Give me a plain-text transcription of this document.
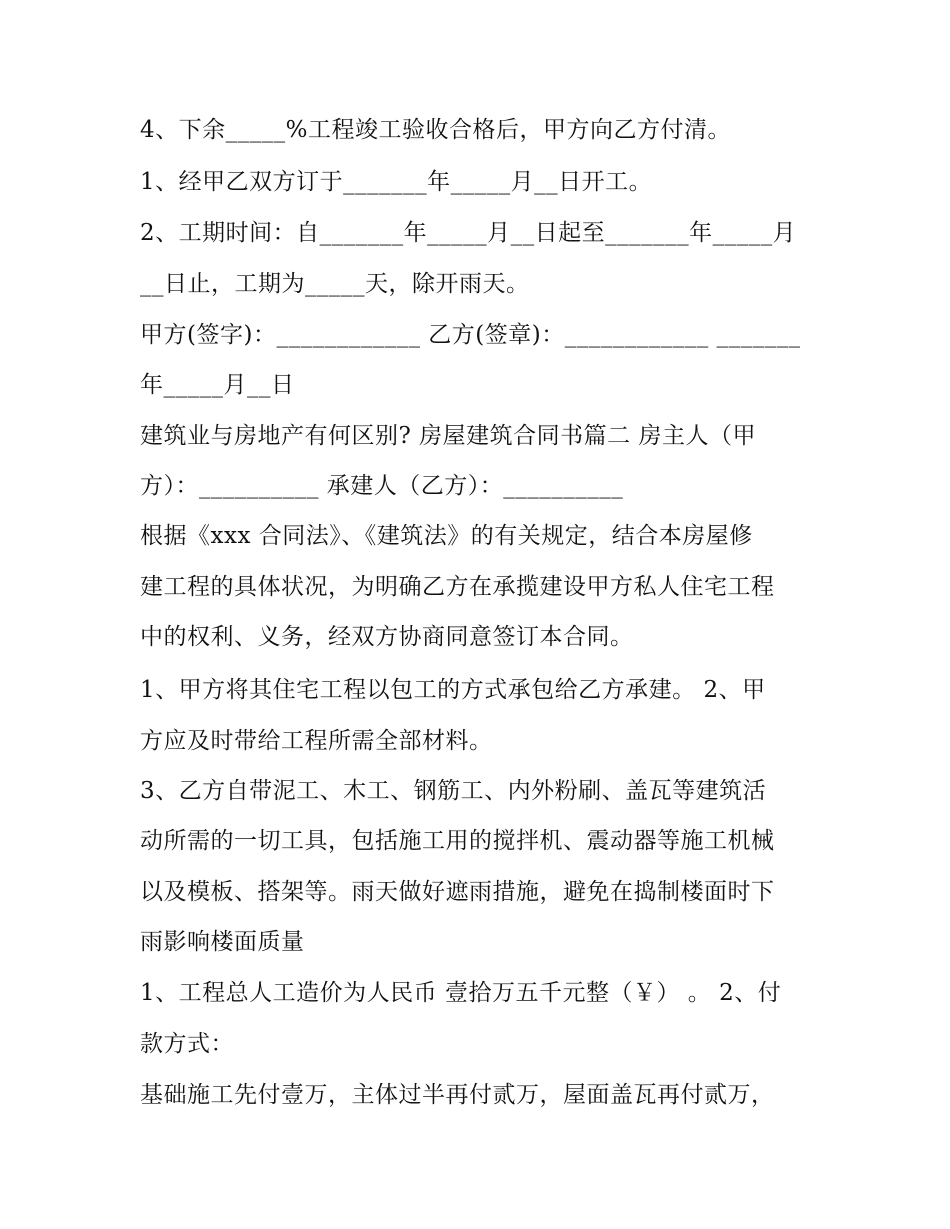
4、下余_____%工程竣工验收合格后，甲方向乙方付清。
1、经甲乙双方订于_______年_____月__日开工。
2、工期时间：自_______年_____月__日起至_______年_____月
__日止，工期为_____天，除开雨天。
甲方(签字)：____________ 乙方(签章)：____________ _______
年_____月__日
建筑业与房地产有何区别? 房屋建筑合同书篇二 房主人（甲
方）：__________ 承建人（乙方）：__________
根据《xxx 合同法》、《建筑法》的有关规定，结合本房屋修
建工程的具体状况，为明确乙方在承揽建设甲方私人住宅工程
中的权利、义务，经双方协商同意签订本合同。
1、甲方将其住宅工程以包工的方式承包给乙方承建。 2、甲
方应及时带给工程所需全部材料。
3、乙方自带泥工、木工、钢筋工、内外粉刷、盖瓦等建筑活
动所需的一切工具，包括施工用的搅拌机、震动器等施工机械
以及模板、搭架等。雨天做好遮雨措施，避免在捣制楼面时下
雨影响楼面质量
1、工程总人工造价为人民币 壹拾万五千元整（￥） 。 2、付
款方式：
基础施工先付壹万，主体过半再付贰万，屋面盖瓦再付贰万，
